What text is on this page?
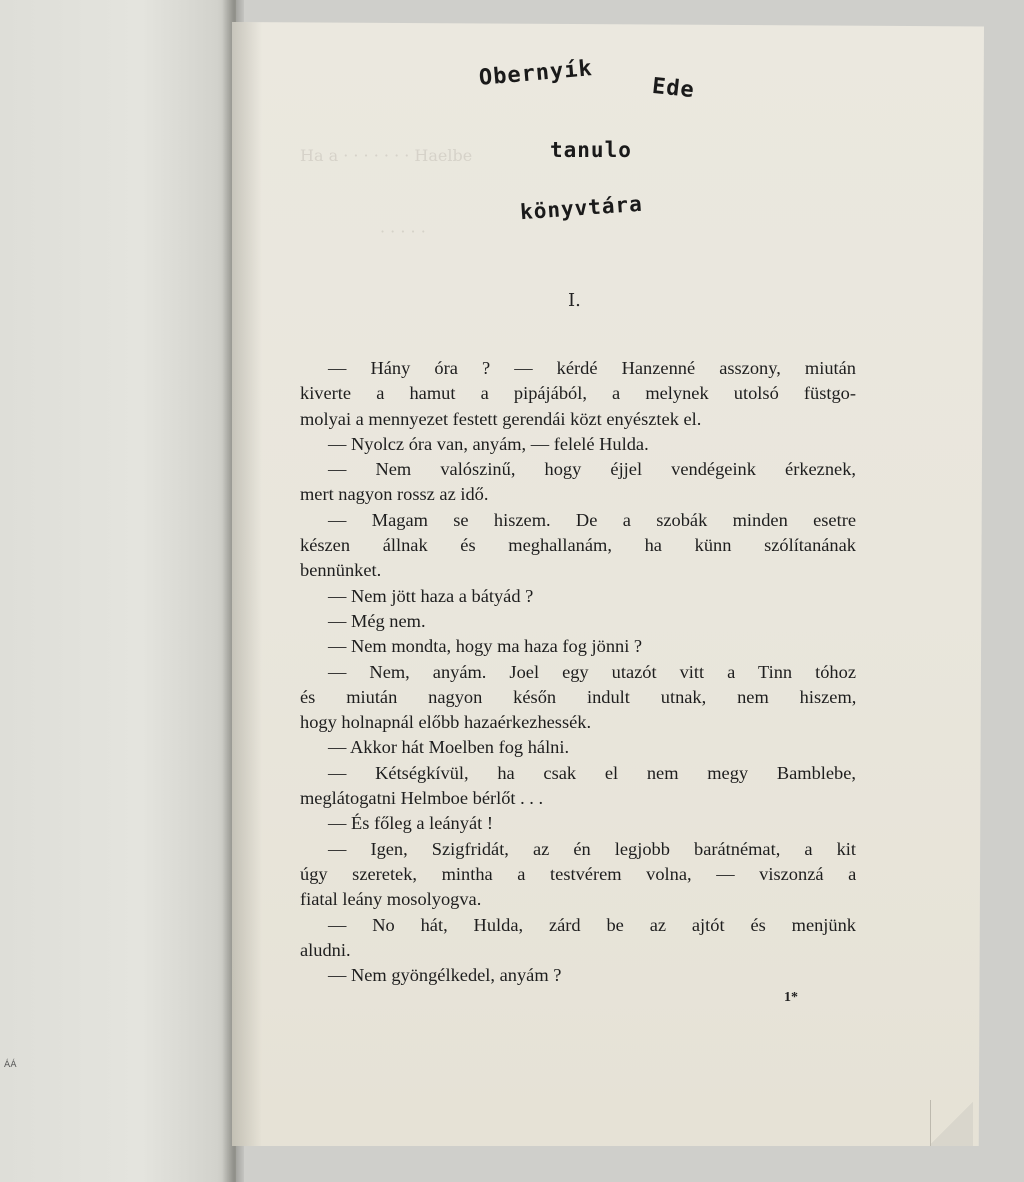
ÁÁ
Ha a · · · · · · · Haelbe
· · · · ·
Obernyík	Ede
tanulo
könyvtára
I.
— Hány óra ? — kérdé Hanzenné asszony, miután
kiverte a hamut a pipájából, a melynek utolsó füstgo-
molyai a mennyezet festett gerendái közt enyésztek el.
— Nyolcz óra van, anyám, — felelé Hulda.
— Nem valószinű, hogy éjjel vendégeink érkeznek,
mert nagyon rossz az idő.
— Magam se hiszem. De a szobák minden esetre
készen állnak és meghallanám, ha künn szólítanának
bennünket.
— Nem jött haza a bátyád ?
— Még nem.
— Nem mondta, hogy ma haza fog jönni ?
— Nem, anyám. Joel egy utazót vitt a Tinn tóhoz
és miután nagyon későn indult utnak, nem hiszem,
hogy holnapnál előbb hazaérkezhessék.
— Akkor hát Moelben fog hálni.
— Kétségkívül, ha csak el nem megy Bamblebe,
meglátogatni Helmboe bérlőt . . .
— És főleg a leányát !
— Igen, Szigfridát, az én legjobb barátnémat, a kit
úgy szeretek, mintha a testvérem volna, — viszonzá a
fiatal leány mosolyogva.
— No hát, Hulda, zárd be az ajtót és menjünk
aludni.
— Nem gyöngélkedel, anyám ?
1*
